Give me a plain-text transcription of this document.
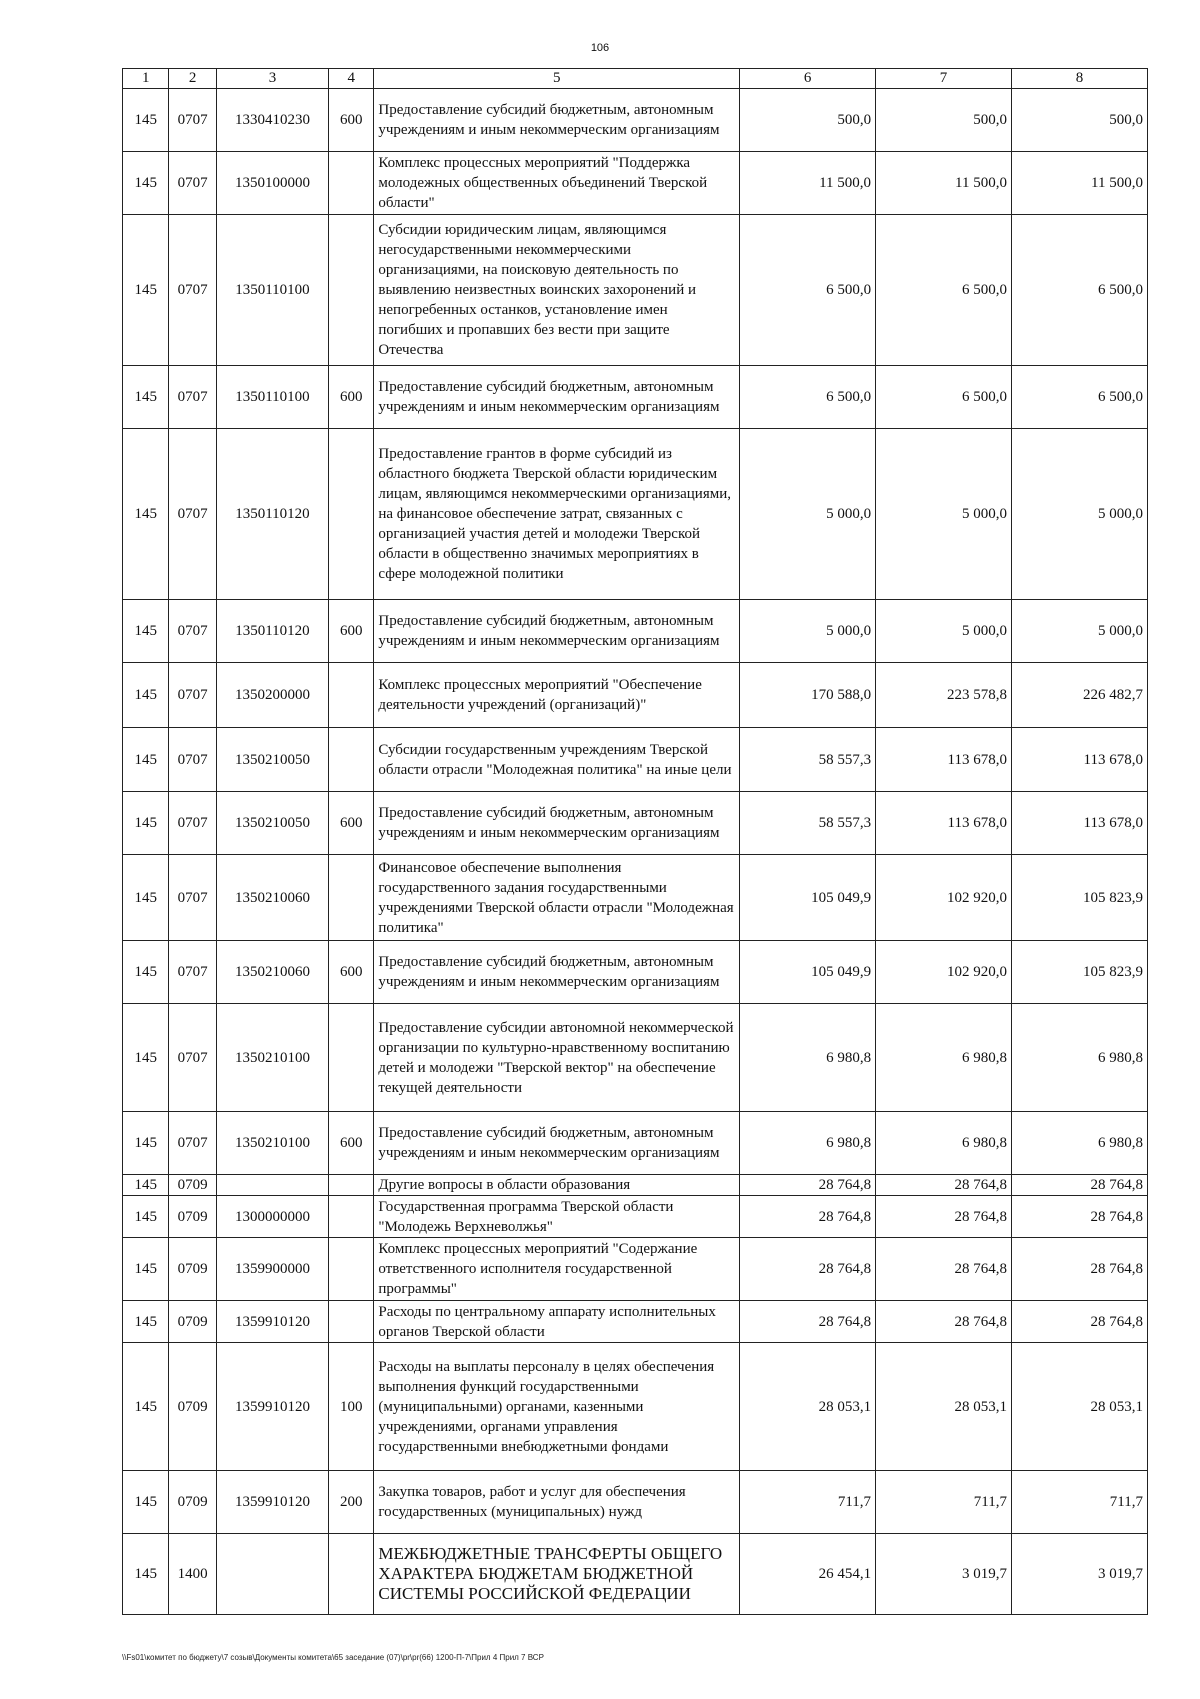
106
1	2	3	4	5	6	7	8
145	0707	1330410230	600	Предоставление субсидий бюджетным, автономным учреждениям и иным некоммерческим организациям	500,0	500,0	500,0
145	0707	1350100000		Комплекс процессных мероприятий "Поддержка молодежных общественных объединений Тверской области"	11 500,0	11 500,0	11 500,0
145	0707	1350110100		Субсидии юридическим лицам, являющимся негосударственными некоммерческими организациями, на поисковую деятельность по выявлению неизвестных воинских захоронений и непогребенных останков, установление имен погибших и пропавших без вести при защите Отечества	6 500,0	6 500,0	6 500,0
145	0707	1350110100	600	Предоставление субсидий бюджетным, автономным учреждениям и иным некоммерческим организациям	6 500,0	6 500,0	6 500,0
145	0707	1350110120		Предоставление грантов в форме субсидий из областного бюджета Тверской области юридическим лицам, являющимся некоммерческими организациями, на финансовое обеспечение затрат, связанных с организацией участия детей и молодежи Тверской области в общественно значимых мероприятиях в сфере молодежной политики	5 000,0	5 000,0	5 000,0
145	0707	1350110120	600	Предоставление субсидий бюджетным, автономным учреждениям и иным некоммерческим организациям	5 000,0	5 000,0	5 000,0
145	0707	1350200000		Комплекс процессных мероприятий "Обеспечение деятельности учреждений (организаций)"	170 588,0	223 578,8	226 482,7
145	0707	1350210050		Субсидии государственным учреждениям Тверской области отрасли "Молодежная политика" на иные цели	58 557,3	113 678,0	113 678,0
145	0707	1350210050	600	Предоставление субсидий бюджетным, автономным учреждениям и иным некоммерческим организациям	58 557,3	113 678,0	113 678,0
145	0707	1350210060		Финансовое обеспечение выполнения государственного задания государственными учреждениями Тверской области отрасли "Молодежная политика"	105 049,9	102 920,0	105 823,9
145	0707	1350210060	600	Предоставление субсидий бюджетным, автономным учреждениям и иным некоммерческим организациям	105 049,9	102 920,0	105 823,9
145	0707	1350210100		Предоставление субсидии автономной некоммерческой организации по культурно-нравственному воспитанию детей и молодежи "Тверской вектор" на обеспечение текущей деятельности	6 980,8	6 980,8	6 980,8
145	0707	1350210100	600	Предоставление субсидий бюджетным, автономным учреждениям и иным некоммерческим организациям	6 980,8	6 980,8	6 980,8
145	0709			Другие вопросы в области образования	28 764,8	28 764,8	28 764,8
145	0709	1300000000		Государственная программа Тверской области "Молодежь Верхневолжья"	28 764,8	28 764,8	28 764,8
145	0709	1359900000		Комплекс процессных мероприятий "Содержание ответственного исполнителя государственной программы"	28 764,8	28 764,8	28 764,8
145	0709	1359910120		Расходы по центральному аппарату исполнительных органов Тверской области	28 764,8	28 764,8	28 764,8
145	0709	1359910120	100	Расходы на выплаты персоналу в целях обеспечения выполнения функций государственными (муниципальными) органами, казенными учреждениями, органами управления государственными внебюджетными фондами	28 053,1	28 053,1	28 053,1
145	0709	1359910120	200	Закупка товаров, работ и услуг для обеспечения государственных (муниципальных) нужд	711,7	711,7	711,7
145	1400			МЕЖБЮДЖЕТНЫЕ ТРАНСФЕРТЫ ОБЩЕГО ХАРАКТЕРА БЮДЖЕТАМ БЮДЖЕТНОЙ СИСТЕМЫ РОССИЙСКОЙ ФЕДЕРАЦИИ	26 454,1	3 019,7	3 019,7
\\Fs01\комитет по бюджету\7 созыв\Документы комитета\65 заседание (07)\pr\pr(66) 1200-П-7\Прил 4 Прил 7 ВСР
